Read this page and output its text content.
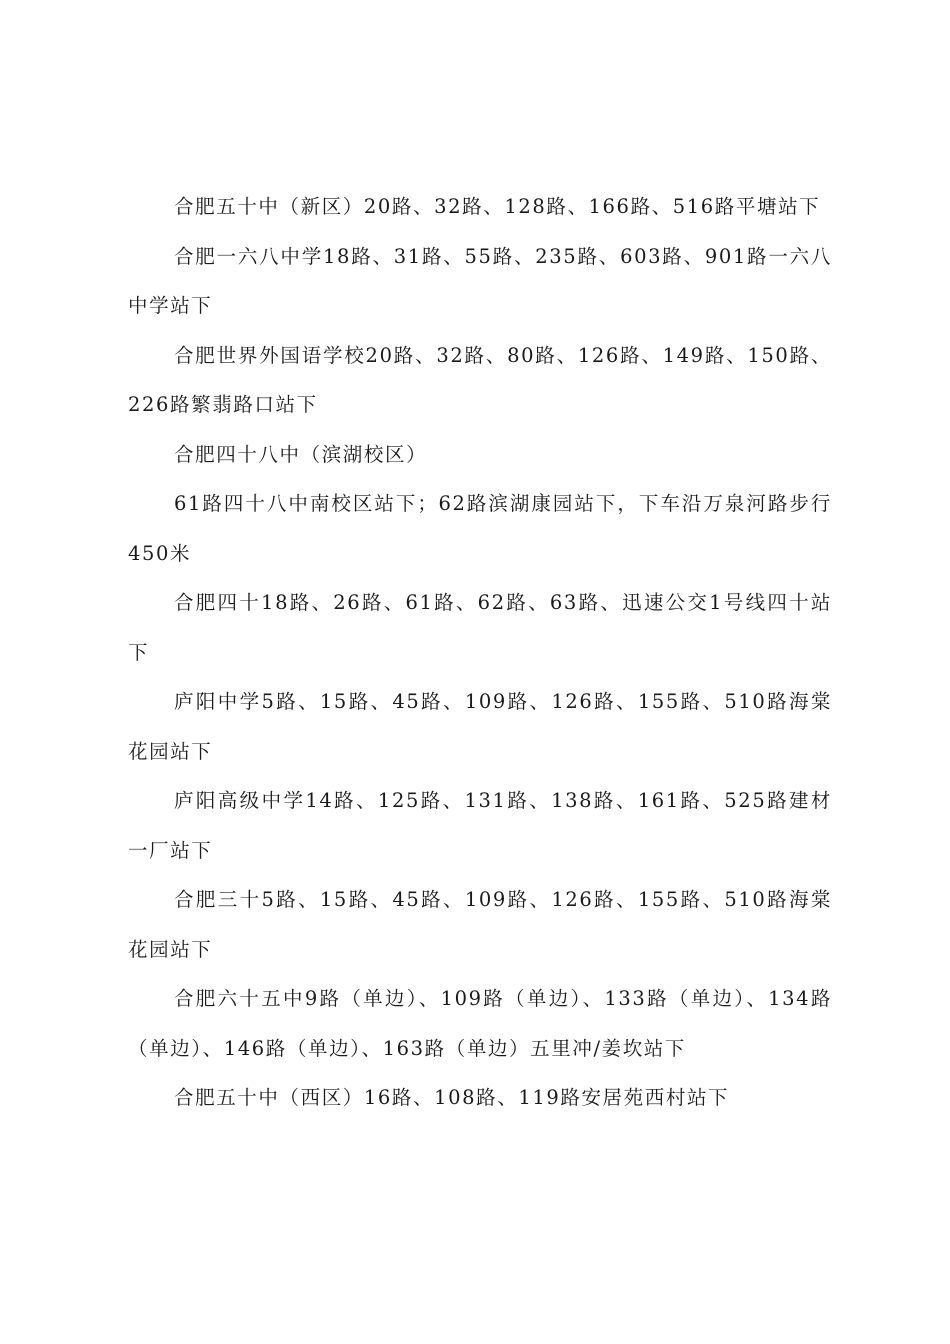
合肥五十中（新区）20路、32路、128路、166路、516路平塘站下

合肥一六八中学18路、31路、55路、235路、603路、901路一六八中学站下

合肥世界外国语学校20路、32路、80路、126路、149路、150路、226路繁翡路口站下

合肥四十八中（滨湖校区）

61路四十八中南校区站下；62路滨湖康园站下，下车沿万泉河路步行450米

合肥四十18路、26路、61路、62路、63路、迅速公交1号线四十站下

庐阳中学5路、15路、45路、109路、126路、155路、510路海棠花园站下

庐阳高级中学14路、125路、131路、138路、161路、525路建材一厂站下

合肥三十5路、15路、45路、109路、126路、155路、510路海棠花园站下

合肥六十五中9路（单边）、109路（单边）、133路（单边）、134路（单边）、146路（单边）、163路（单边）五里冲/姜坎站下

合肥五十中（西区）16路、108路、119路安居苑西村站下
